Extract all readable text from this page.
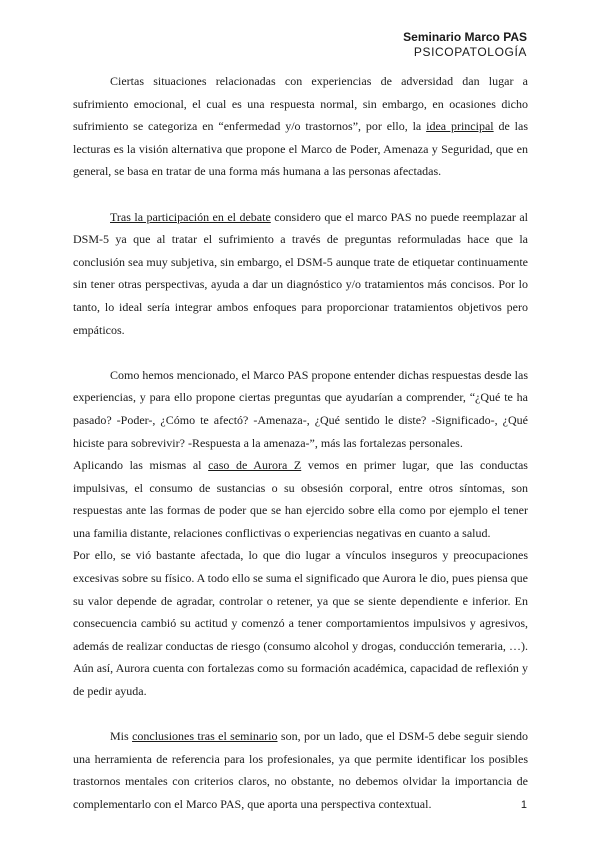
Seminario Marco PAS
PSICOPATOLOGÍA

Ciertas situaciones relacionadas con experiencias de adversidad dan lugar a sufrimiento emocional, el cual es una respuesta normal, sin embargo, en ocasiones dicho sufrimiento se categoriza en “enfermedad y/o trastornos”, por ello, la idea principal de las lecturas es la visión alternativa que propone el Marco de Poder, Amenaza y Seguridad, que en general, se basa en tratar de una forma más humana a las personas afectadas.

Tras la participación en el debate considero que el marco PAS no puede reemplazar al DSM-5 ya que al tratar el sufrimiento a través de preguntas reformuladas hace que la conclusión sea muy subjetiva, sin embargo, el DSM-5 aunque trate de etiquetar continuamente sin tener otras perspectivas, ayuda a dar un diagnóstico y/o tratamientos más concisos. Por lo tanto, lo ideal sería integrar ambos enfoques para proporcionar tratamientos objetivos pero empáticos.

Como hemos mencionado, el Marco PAS propone entender dichas respuestas desde las experiencias, y para ello propone ciertas preguntas que ayudarían a comprender, “¿Qué te ha pasado? -Poder-, ¿Cómo te afectó? -Amenaza-, ¿Qué sentido le diste? -Significado-, ¿Qué hiciste para sobrevivir? -Respuesta a la amenaza-”, más las fortalezas personales.

Aplicando las mismas al caso de Aurora Z vemos en primer lugar, que las conductas impulsivas, el consumo de sustancias o su obsesión corporal, entre otros síntomas, son respuestas ante las formas de poder que se han ejercido sobre ella como por ejemplo el tener una familia distante, relaciones conflictivas o experiencias negativas en cuanto a salud.

Por ello, se vió bastante afectada, lo que dio lugar a vínculos inseguros y preocupaciones excesivas sobre su físico. A todo ello se suma el significado que Aurora le dio, pues piensa que su valor depende de agradar, controlar o retener, ya que se siente dependiente e inferior. En consecuencia cambió su actitud y comenzó a tener comportamientos impulsivos y agresivos, además de realizar conductas de riesgo (consumo alcohol y drogas, conducción temeraria, …). Aún así, Aurora cuenta con fortalezas como su formación académica, capacidad de reflexión y de pedir ayuda.

Mis conclusiones tras el seminario son, por un lado, que el DSM-5 debe seguir siendo una herramienta de referencia para los profesionales, ya que permite identificar los posibles trastornos mentales con criterios claros, no obstante, no debemos olvidar la importancia de complementarlo con el Marco PAS, que aporta una perspectiva contextual.	1
